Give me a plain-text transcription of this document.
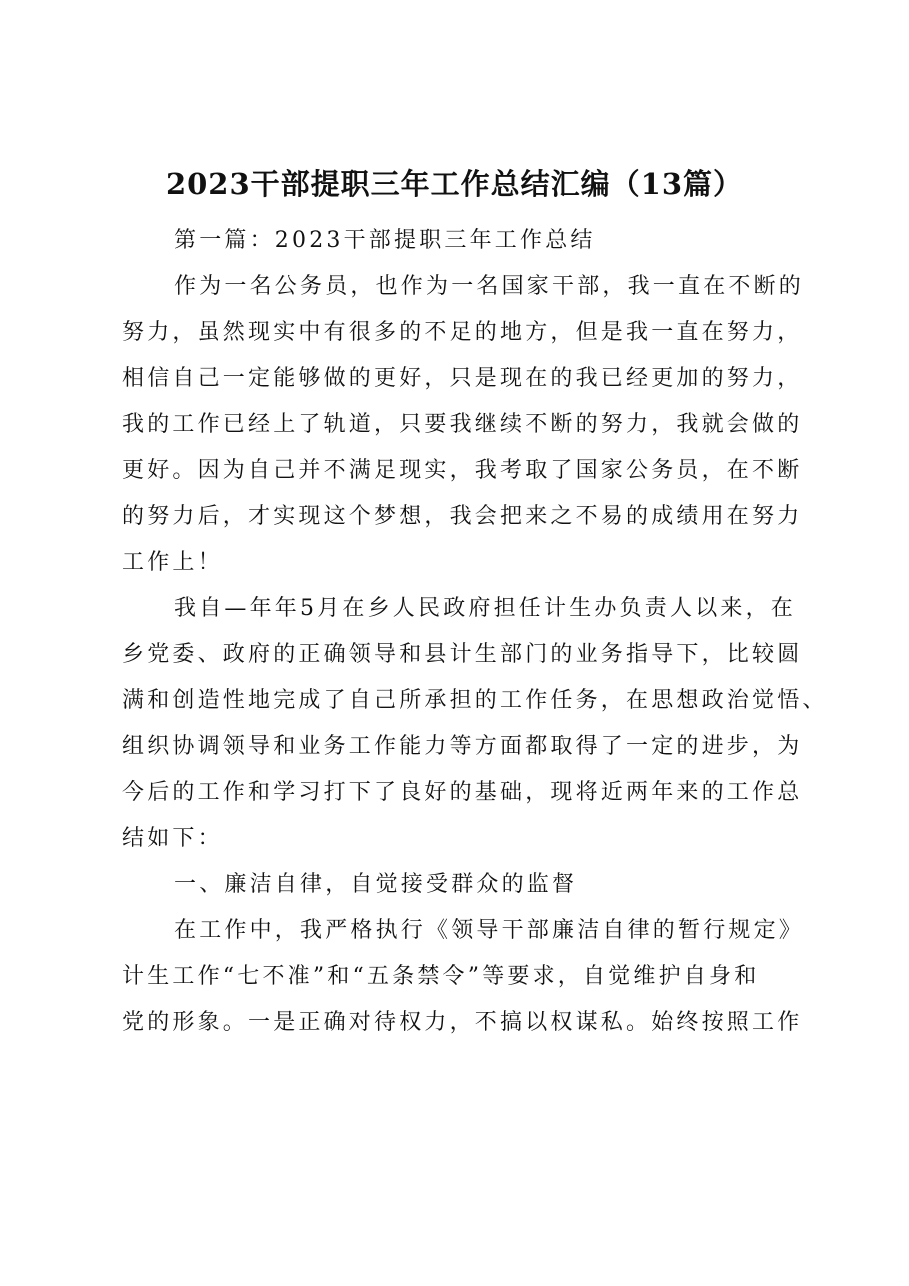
2023干部提职三年工作总结汇编（13篇）
第一篇：2023干部提职三年工作总结
作为一名公务员，也作为一名国家干部，我一直在不断的
努力，虽然现实中有很多的不足的地方，但是我一直在努力，
相信自己一定能够做的更好，只是现在的我已经更加的努力，
我的工作已经上了轨道，只要我继续不断的努力，我就会做的
更好。因为自己并不满足现实，我考取了国家公务员，在不断
的努力后，才实现这个梦想，我会把来之不易的成绩用在努力
工作上！
我自—年年5月在乡人民政府担任计生办负责人以来，在
乡党委、政府的正确领导和县计生部门的业务指导下，比较圆
满和创造性地完成了自己所承担的工作任务，在思想政治觉悟、
组织协调领导和业务工作能力等方面都取得了一定的进步，为
今后的工作和学习打下了良好的基础，现将近两年来的工作总
结如下：
一、廉洁自律，自觉接受群众的监督
在工作中，我严格执行《领导干部廉洁自律的暂行规定》
计生工作“七不准”和“五条禁令”等要求，自觉维护自身和
党的形象。一是正确对待权力，不搞以权谋私。始终按照工作
